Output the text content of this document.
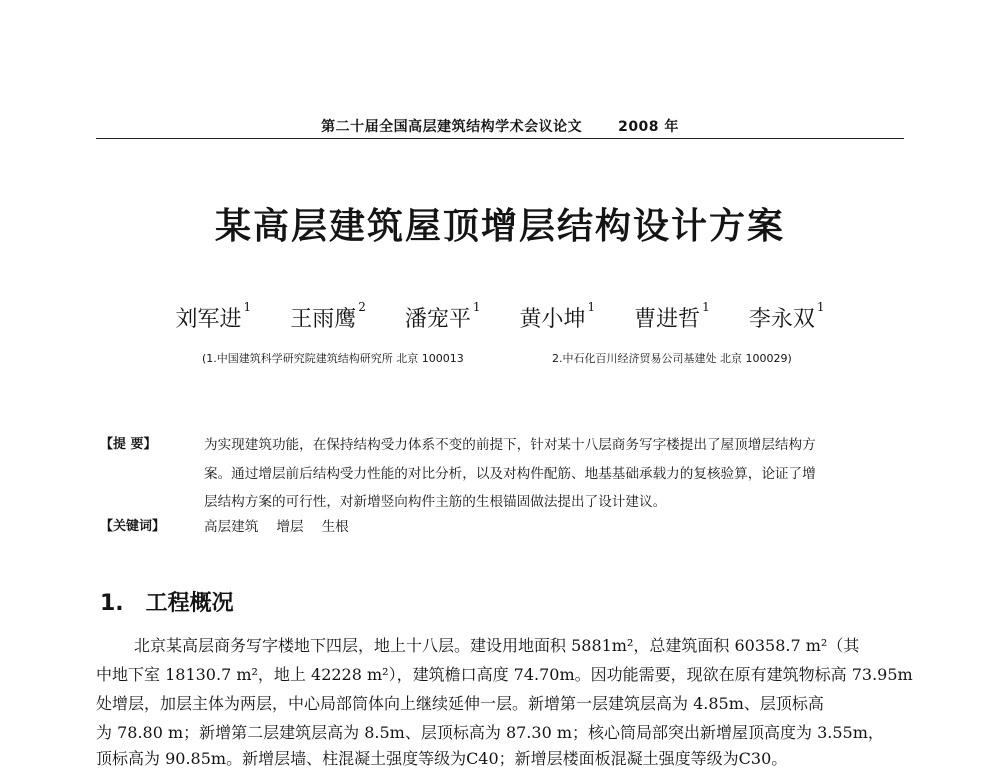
第二十届全国高层建筑结构学术会议论文	2008 年
某高层建筑屋顶增层结构设计方案
刘军进 $^1$ 王雨鹰 $^2$ 潘宠平 $^1$ 黄小坤 $^1$ 曹进哲 $^1$ 李永双 $^1$
(1.中国建筑科学研究院建筑结构研究所 北京 100013	2.中石化百川经济贸易公司基建处 北京 100029)
【提 要】	为实现建筑功能，在保持结构受力体系不变的前提下，针对某十八层商务写字楼提出了屋顶增层结构方
案。通过增层前后结构受力性能的对比分析，以及对构件配筋、地基基础承载力的复核验算，论证了增
层结构方案的可行性，对新增竖向构件主筋的生根锚固做法提出了设计建议。
【关键词】	高层建筑 增层 生根
1. 工程概况
北京某高层商务写字楼地下四层，地上十八层。建设用地面积 5881m²，总建筑面积 60358.7 m²（其
中地下室 18130.7 m²，地上 42228 m²），建筑檐口高度 74.70m。因功能需要，现欲在原有建筑物标高 73.95m
处增层，加层主体为两层，中心局部筒体向上继续延伸一层。新增第一层建筑层高为 4.85m、层顶标高
为 78.80 m；新增第二层建筑层高为 8.5m、层顶标高为 87.30 m；核心筒局部突出新增屋顶高度为 3.55m，
顶标高为 90.85m。新增层墙、柱混凝土强度等级为C40；新增层楼面板混凝土强度等级为C30。
